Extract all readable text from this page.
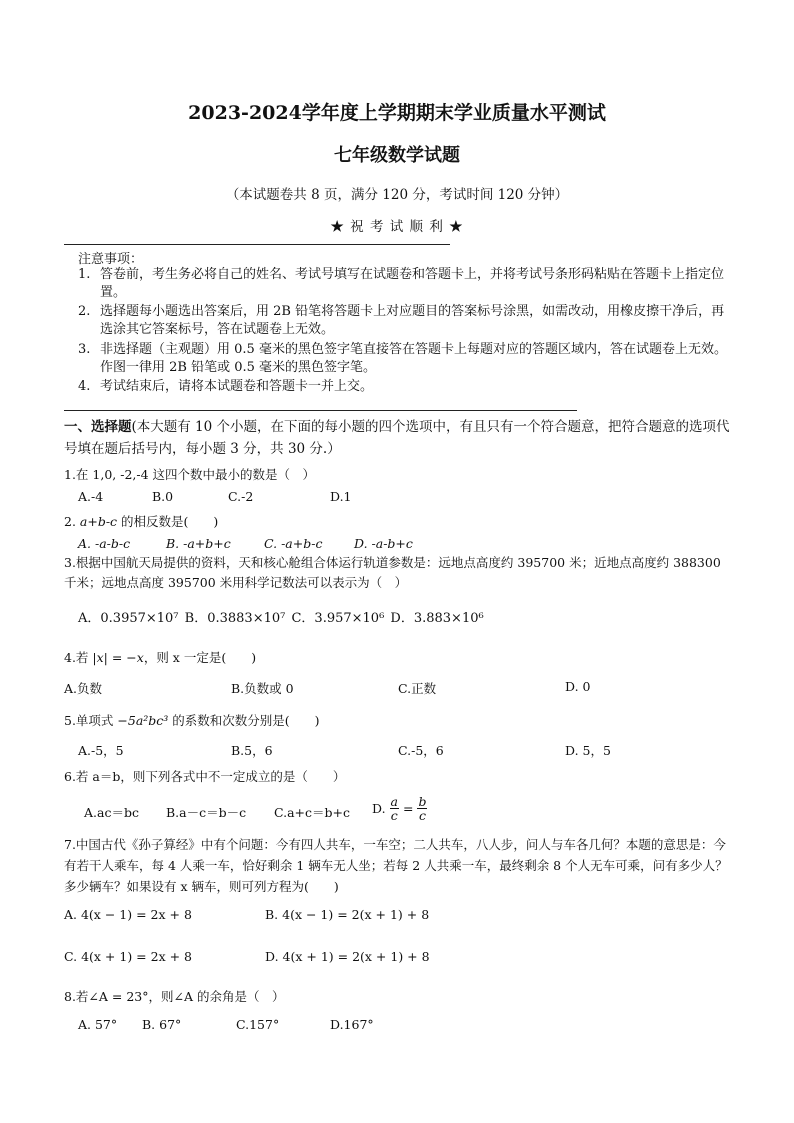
2023-2024学年度上学期期末学业质量水平测试
七年级数学试题
（本试题卷共 8 页，满分 120 分，考试时间 120 分钟）
★ 祝 考 试 顺 利 ★
注意事项：
1. 答卷前，考生务必将自己的姓名、考试号填写在试题卷和答题卡上，并将考试号条形码粘贴在答题卡上指定位置。
2. 选择题每小题选出答案后，用 2B 铅笔将答题卡上对应题目的答案标号涂黑，如需改动，用橡皮擦干净后，再选涂其它答案标号，答在试题卷上无效。
3. 非选择题（主观题）用 0.5 毫米的黑色签字笔直接答在答题卡上每题对应的答题区域内，答在试题卷上无效。作图一律用 2B 铅笔或 0.5 毫米的黑色签字笔。
4. 考试结束后，请将本试题卷和答题卡一并上交。
一、选择题(本大题有 10 个小题，在下面的每小题的四个选项中，有且只有一个符合题意，把符合题意的选项代号填在题后括号内，每小题 3 分，共 30 分.）
1.在 1,0, -2,-4 这四个数中最小的数是（　）
A.-4	B.0	C.-2	D.1
2. a+b-c 的相反数是(　　)
A. -a-b-c	B. -a+b+c	C. -a+b-c	D. -a-b+c
3.根据中国航天局提供的资料，天和核心舱组合体运行轨道参数是：远地点高度约 395700 米；近地点高度约 388300 千米；远地点高度 395700 米用科学记数法可以表示为（　）
A．0.3957×10⁷ B．0.3883×10⁷ C．3.957×10⁶ D．3.883×10⁶
4.若 |x| = −x，则 x 一定是(　　)
A.负数	B.负数或 0	C.正数	D. 0
5.单项式 −5a²bc³ 的系数和次数分别是(　　)
A.-5，5	B.5，6	C.-5，6	D. 5，5
6.若 a＝b，则下列各式中不一定成立的是（　　）
A.ac＝bc B.a－c＝b－c C.a+c＝b+c D. $\frac{a}{c} = \frac{b}{c}$
7.中国古代《孙子算经》中有个问题：今有四人共车，一车空；二人共车，八人步，问人与车各几何？本题的意思是：今有若干人乘车，每 4 人乘一车，恰好剩余 1 辆车无人坐；若每 2 人共乘一车，最终剩余 8 个人无车可乘，问有多少人？多少辆车？如果设有 x 辆车，则可列方程为(　　)
A. 4(x − 1) = 2x + 8	B. 4(x − 1) = 2(x + 1) + 8
C. 4(x + 1) = 2x + 8	D. 4(x + 1) = 2(x + 1) + 8
8.若∠A = 23°，则∠A 的余角是（　）
A. 57° B. 67°	C.157°	D.167°
